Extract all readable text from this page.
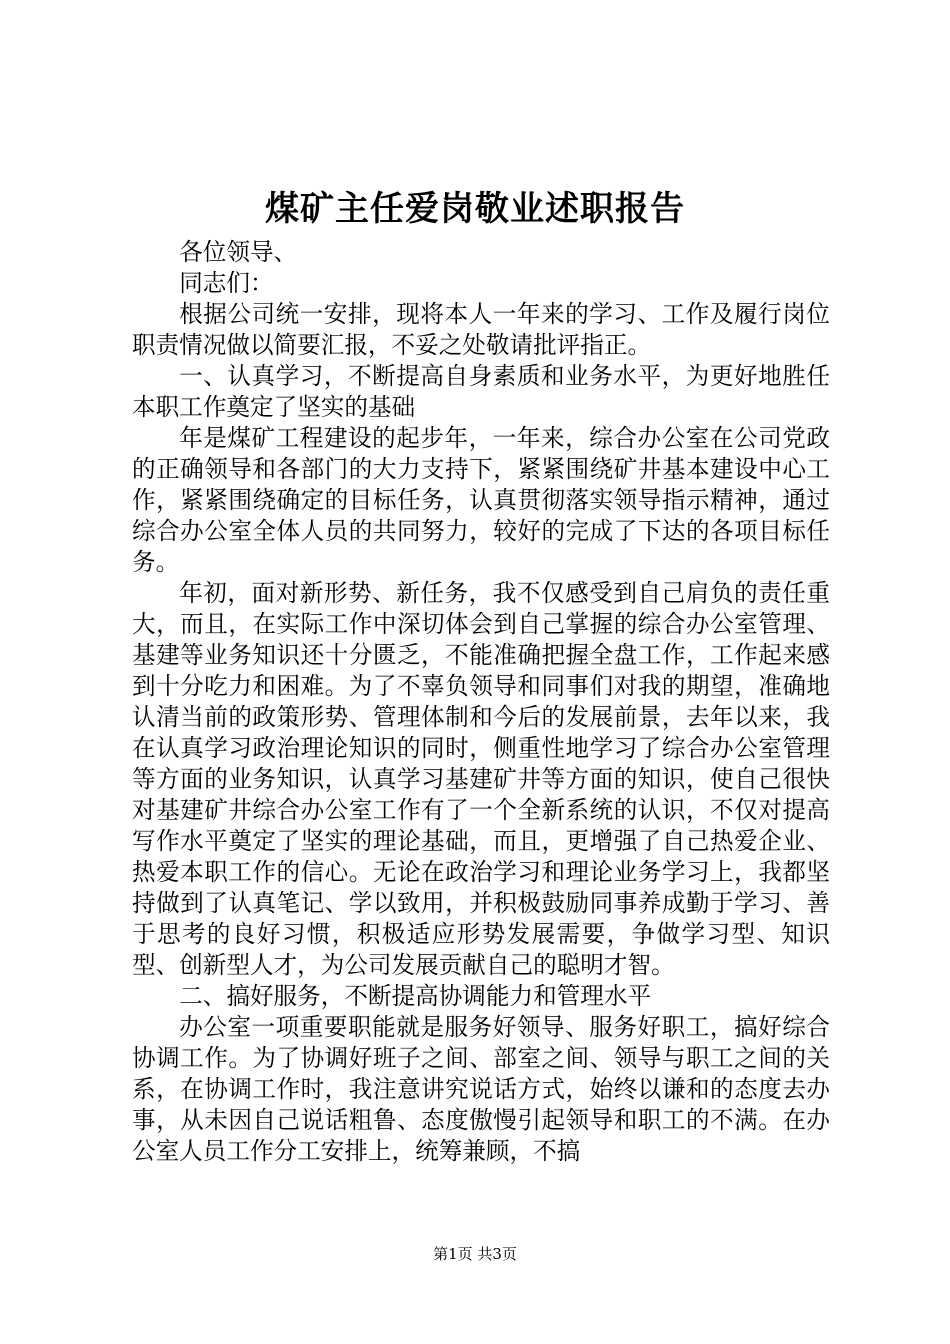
煤矿主任爱岗敬业述职报告

各位领导、

同志们：

根据公司统一安排，现将本人一年来的学习、工作及履行岗位职责情况做以简要汇报，不妥之处敬请批评指正。

一、认真学习，不断提高自身素质和业务水平，为更好地胜任本职工作奠定了坚实的基础

年是煤矿工程建设的起步年，一年来，综合办公室在公司党政的正确领导和各部门的大力支持下，紧紧围绕矿井基本建设中心工作，紧紧围绕确定的目标任务，认真贯彻落实领导指示精神，通过综合办公室全体人员的共同努力，较好的完成了下达的各项目标任务。

年初，面对新形势、新任务，我不仅感受到自己肩负的责任重大，而且，在实际工作中深切体会到自己掌握的综合办公室管理、基建等业务知识还十分匮乏，不能准确把握全盘工作，工作起来感到十分吃力和困难。为了不辜负领导和同事们对我的期望，准确地认清当前的政策形势、管理体制和今后的发展前景，去年以来，我在认真学习政治理论知识的同时，侧重性地学习了综合办公室管理等方面的业务知识，认真学习基建矿井等方面的知识，使自己很快对基建矿井综合办公室工作有了一个全新系统的认识，不仅对提高写作水平奠定了坚实的理论基础，而且，更增强了自己热爱企业、热爱本职工作的信心。无论在政治学习和理论业务学习上，我都坚持做到了认真笔记、学以致用，并积极鼓励同事养成勤于学习、善于思考的良好习惯，积极适应形势发展需要，争做学习型、知识型、创新型人才，为公司发展贡献自己的聪明才智。

二、搞好服务，不断提高协调能力和管理水平

办公室一项重要职能就是服务好领导、服务好职工，搞好综合协调工作。为了协调好班子之间、部室之间、领导与职工之间的关系，在协调工作时，我注意讲究说话方式，始终以谦和的态度去办事，从未因自己说话粗鲁、态度傲慢引起领导和职工的不满。在办公室人员工作分工安排上，统筹兼顾，不搞

第1页 共3页
